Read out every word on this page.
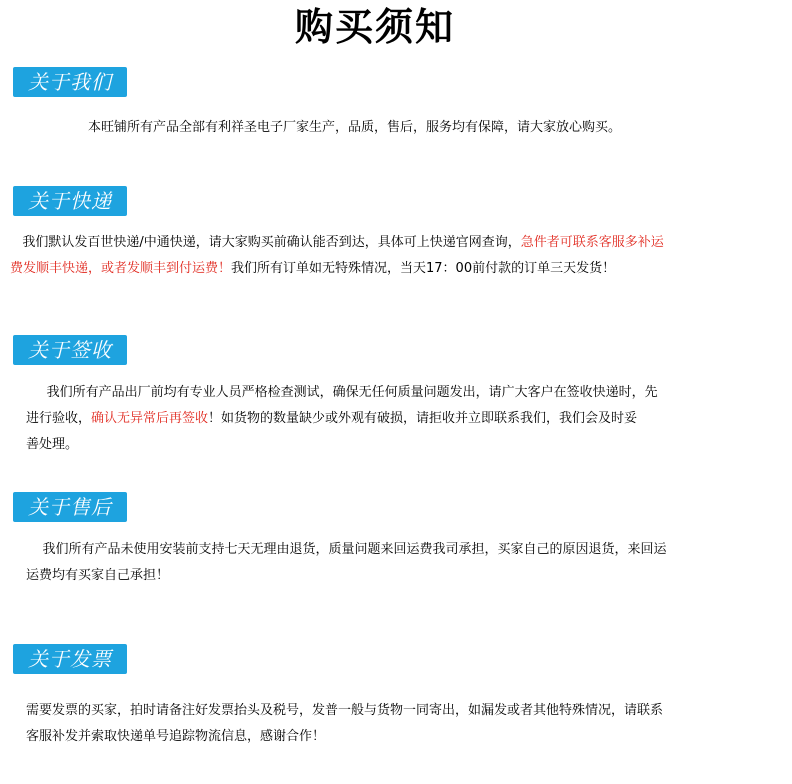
购买须知
关于我们

本旺铺所有产品全部有利祥圣电子厂家生产，品质，售后，服务均有保障，请大家放心购买。

关于快递

我们默认发百世快递/中通快递，请大家购买前确认能否到达，具体可上快递官网查询，急件者可联系客服多补运

费发顺丰快递，或者发顺丰到付运费！我们所有订单如无特殊情况，当天17：00前付款的订单三天发货！

关于签收

我们所有产品出厂前均有专业人员严格检查测试，确保无任何质量问题发出，请广大客户在签收快递时，先

进行验收，确认无异常后再签收！如货物的数量缺少或外观有破损，请拒收并立即联系我们，我们会及时妥

善处理。

关于售后

我们所有产品未使用安装前支持七天无理由退货，质量问题来回运费我司承担，买家自己的原因退货，来回运

运费均有买家自己承担！

关于发票

需要发票的买家，拍时请备注好发票抬头及税号，发普一般与货物一同寄出，如漏发或者其他特殊情况，请联系

客服补发并索取快递单号追踪物流信息，感谢合作！
